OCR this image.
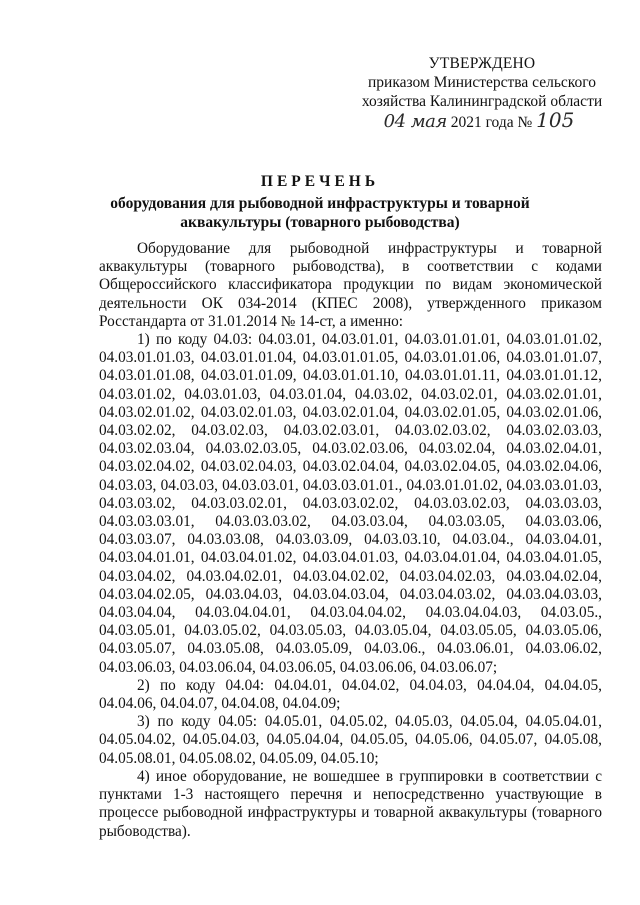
УТВЕРЖДЕНО
приказом Министерства сельского
хозяйства Калининградской области
04 мая 2021 года № 105
ПЕРЕЧЕНЬ
оборудования для рыбоводной инфраструктуры и товарной
аквакультуры (товарного рыбоводства)

Оборудование для рыбоводной инфраструктуры и товарной аквакультуры (товарного рыбоводства), в соответствии с кодами Общероссийского классификатора продукции по видам экономической деятельности ОК 034-2014 (КПЕС 2008), утвержденного приказом Росстандарта от 31.01.2014 № 14-ст, а именно:

1) по коду 04.03: 04.03.01, 04.03.01.01, 04.03.01.01.01, 04.03.01.01.02, 04.03.01.01.03, 04.03.01.01.04, 04.03.01.01.05, 04.03.01.01.06, 04.03.01.01.07, 04.03.01.01.08, 04.03.01.01.09, 04.03.01.01.10, 04.03.01.01.11, 04.03.01.01.12, 04.03.01.02, 04.03.01.03, 04.03.01.04, 04.03.02, 04.03.02.01, 04.03.02.01.01, 04.03.02.01.02, 04.03.02.01.03, 04.03.02.01.04, 04.03.02.01.05, 04.03.02.01.06, 04.03.02.02, 04.03.02.03, 04.03.02.03.01, 04.03.02.03.02, 04.03.02.03.03, 04.03.02.03.04, 04.03.02.03.05, 04.03.02.03.06, 04.03.02.04, 04.03.02.04.01, 04.03.02.04.02, 04.03.02.04.03, 04.03.02.04.04, 04.03.02.04.05, 04.03.02.04.06, 04.03.03, 04.03.03, 04.03.03.01, 04.03.03.01.01., 04.03.01.01.02, 04.03.03.01.03, 04.03.03.02, 04.03.03.02.01, 04.03.03.02.02, 04.03.03.02.03, 04.03.03.03, 04.03.03.03.01, 04.03.03.03.02, 04.03.03.04, 04.03.03.05, 04.03.03.06, 04.03.03.07, 04.03.03.08, 04.03.03.09, 04.03.03.10, 04.03.04., 04.03.04.01, 04.03.04.01.01, 04.03.04.01.02, 04.03.04.01.03, 04.03.04.01.04, 04.03.04.01.05, 04.03.04.02, 04.03.04.02.01, 04.03.04.02.02, 04.03.04.02.03, 04.03.04.02.04, 04.03.04.02.05, 04.03.04.03, 04.03.04.03.04, 04.03.04.03.02, 04.03.04.03.03, 04.03.04.04, 04.03.04.04.01, 04.03.04.04.02, 04.03.04.04.03, 04.03.05., 04.03.05.01, 04.03.05.02, 04.03.05.03, 04.03.05.04, 04.03.05.05, 04.03.05.06, 04.03.05.07, 04.03.05.08, 04.03.05.09, 04.03.06., 04.03.06.01, 04.03.06.02, 04.03.06.03, 04.03.06.04, 04.03.06.05, 04.03.06.06, 04.03.06.07;

2) по коду 04.04: 04.04.01, 04.04.02, 04.04.03, 04.04.04, 04.04.05, 04.04.06, 04.04.07, 04.04.08, 04.04.09;

3) по коду 04.05: 04.05.01, 04.05.02, 04.05.03, 04.05.04, 04.05.04.01, 04.05.04.02, 04.05.04.03, 04.05.04.04, 04.05.05, 04.05.06, 04.05.07, 04.05.08, 04.05.08.01, 04.05.08.02, 04.05.09, 04.05.10;

4) иное оборудование, не вошедшее в группировки в соответствии с пунктами 1-3 настоящего перечня и непосредственно участвующие в процессе рыбоводной инфраструктуры и товарной аквакультуры (товарного рыбоводства).
